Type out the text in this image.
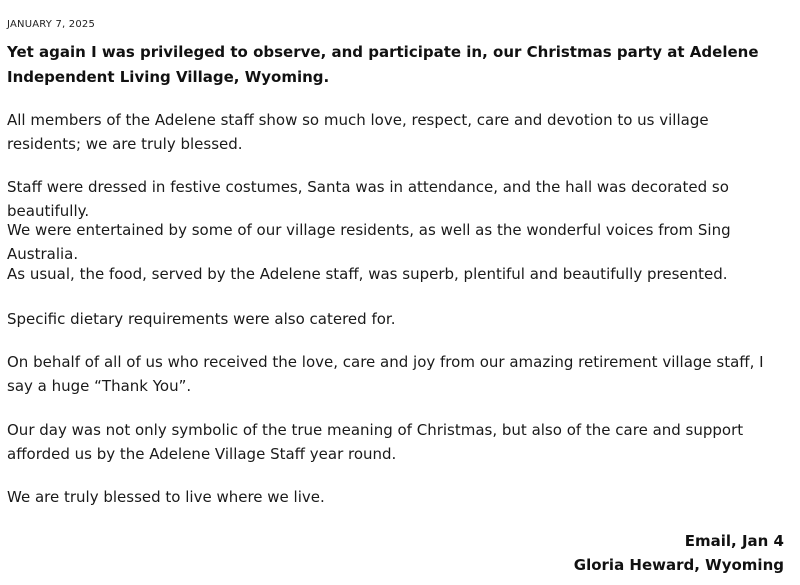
JANUARY 7, 2025
Yet again I was privileged to observe, and participate in, our Christmas party at Adelene Independent Living Village, Wyoming.
All members of the Adelene staff show so much love, respect, care and devotion to us village residents; we are truly blessed.
Staff were dressed in festive costumes, Santa was in attendance, and the hall was decorated so beautifully.
We were entertained by some of our village residents, as well as the wonderful voices from Sing Australia.
As usual, the food, served by the Adelene staff, was superb, plentiful and beautifully presented.
Specific dietary requirements were also catered for.
On behalf of all of us who received the love, care and joy from our amazing retirement village staff, I say a huge “Thank You”.
Our day was not only symbolic of the true meaning of Christmas, but also of the care and support afforded us by the Adelene Village Staff year round.
We are truly blessed to live where we live.
Email, Jan 4
Gloria Heward, Wyoming
